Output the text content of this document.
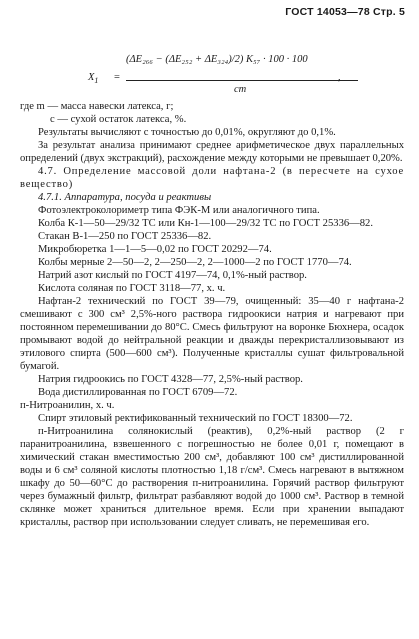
ГОСТ 14053—78 Стр. 5
$X_1$ =
(ΔE₂₆₆ − (ΔE₂₅₂ + ΔE₃₂₄)/2) K₅₇ · 100 · 100
cm
,

где m — масса навески латекса, г;

c — сухой остаток латекса, %.

Результаты вычисляют с точностью до 0,01%, округляют до 0,1%.

За результат анализа принимают среднее арифметическое двух параллельных определений (двух экстракций), расхождение между которыми не превышает 0,20%.

4.7. Определение массовой доли нафтана-2 (в пересчете на сухое вещество)

4.7.1. Аппаратура, посуда и реактивы

Фотоэлектроколориметр типа ФЭК-М или аналогичного типа.

Колба К-1—50—29/32 ТС или Кн-1—100—29/32 ТС по ГОСТ 25336—82.

Стакан В-1—250 по ГОСТ 25336—82.

Микробюретка 1—1—5—0,02 по ГОСТ 20292—74.

Колбы мерные 2—50—2, 2—250—2, 2—1000—2 по ГОСТ 1770—74.

Натрий азот кислый по ГОСТ 4197—74, 0,1%-ный раствор.

Кислота соляная по ГОСТ 3118—77, х. ч.

Нафтан-2 технический по ГОСТ 39—79, очищенный: 35—40 г нафтана-2 смешивают с 300 см³ 2,5%-ного раствора гидроокиси натрия и нагревают при постоянном перемешивании до 80°С. Смесь фильтруют на воронке Бюхнера, осадок промывают водой до нейтральной реакции и дважды перекристаллизовывают из этилового спирта (500—600 см³). Полученные кристаллы сушат фильтровальной бумагой.

Натрия гидроокись по ГОСТ 4328—77, 2,5%-ный раствор.

Вода дистиллированная по ГОСТ 6709—72.

п-Нитроанилин, х. ч.

Спирт этиловый ректификованный технический по ГОСТ 18300—72.

п-Нитроанилина солянокислый (реактив), 0,2%-ный раствор (2 г паранитроанилина, взвешенного с погрешностью не более 0,01 г, помещают в химический стакан вместимостью 200 см³, добавляют 100 см³ дистиллированной воды и 6 см³ соляной кислоты плотностью 1,18 г/см³. Смесь нагревают в вытяжном шкафу до 50—60°С до растворения п-нитроанилина. Горячий раствор фильтруют через бумажный фильтр, фильтрат разбавляют водой до 1000 см³. Раствор в темной склянке может храниться длительное время. Если при хранении выпадают кристаллы, раствор при использовании следует сливать, не перемешивая его.
